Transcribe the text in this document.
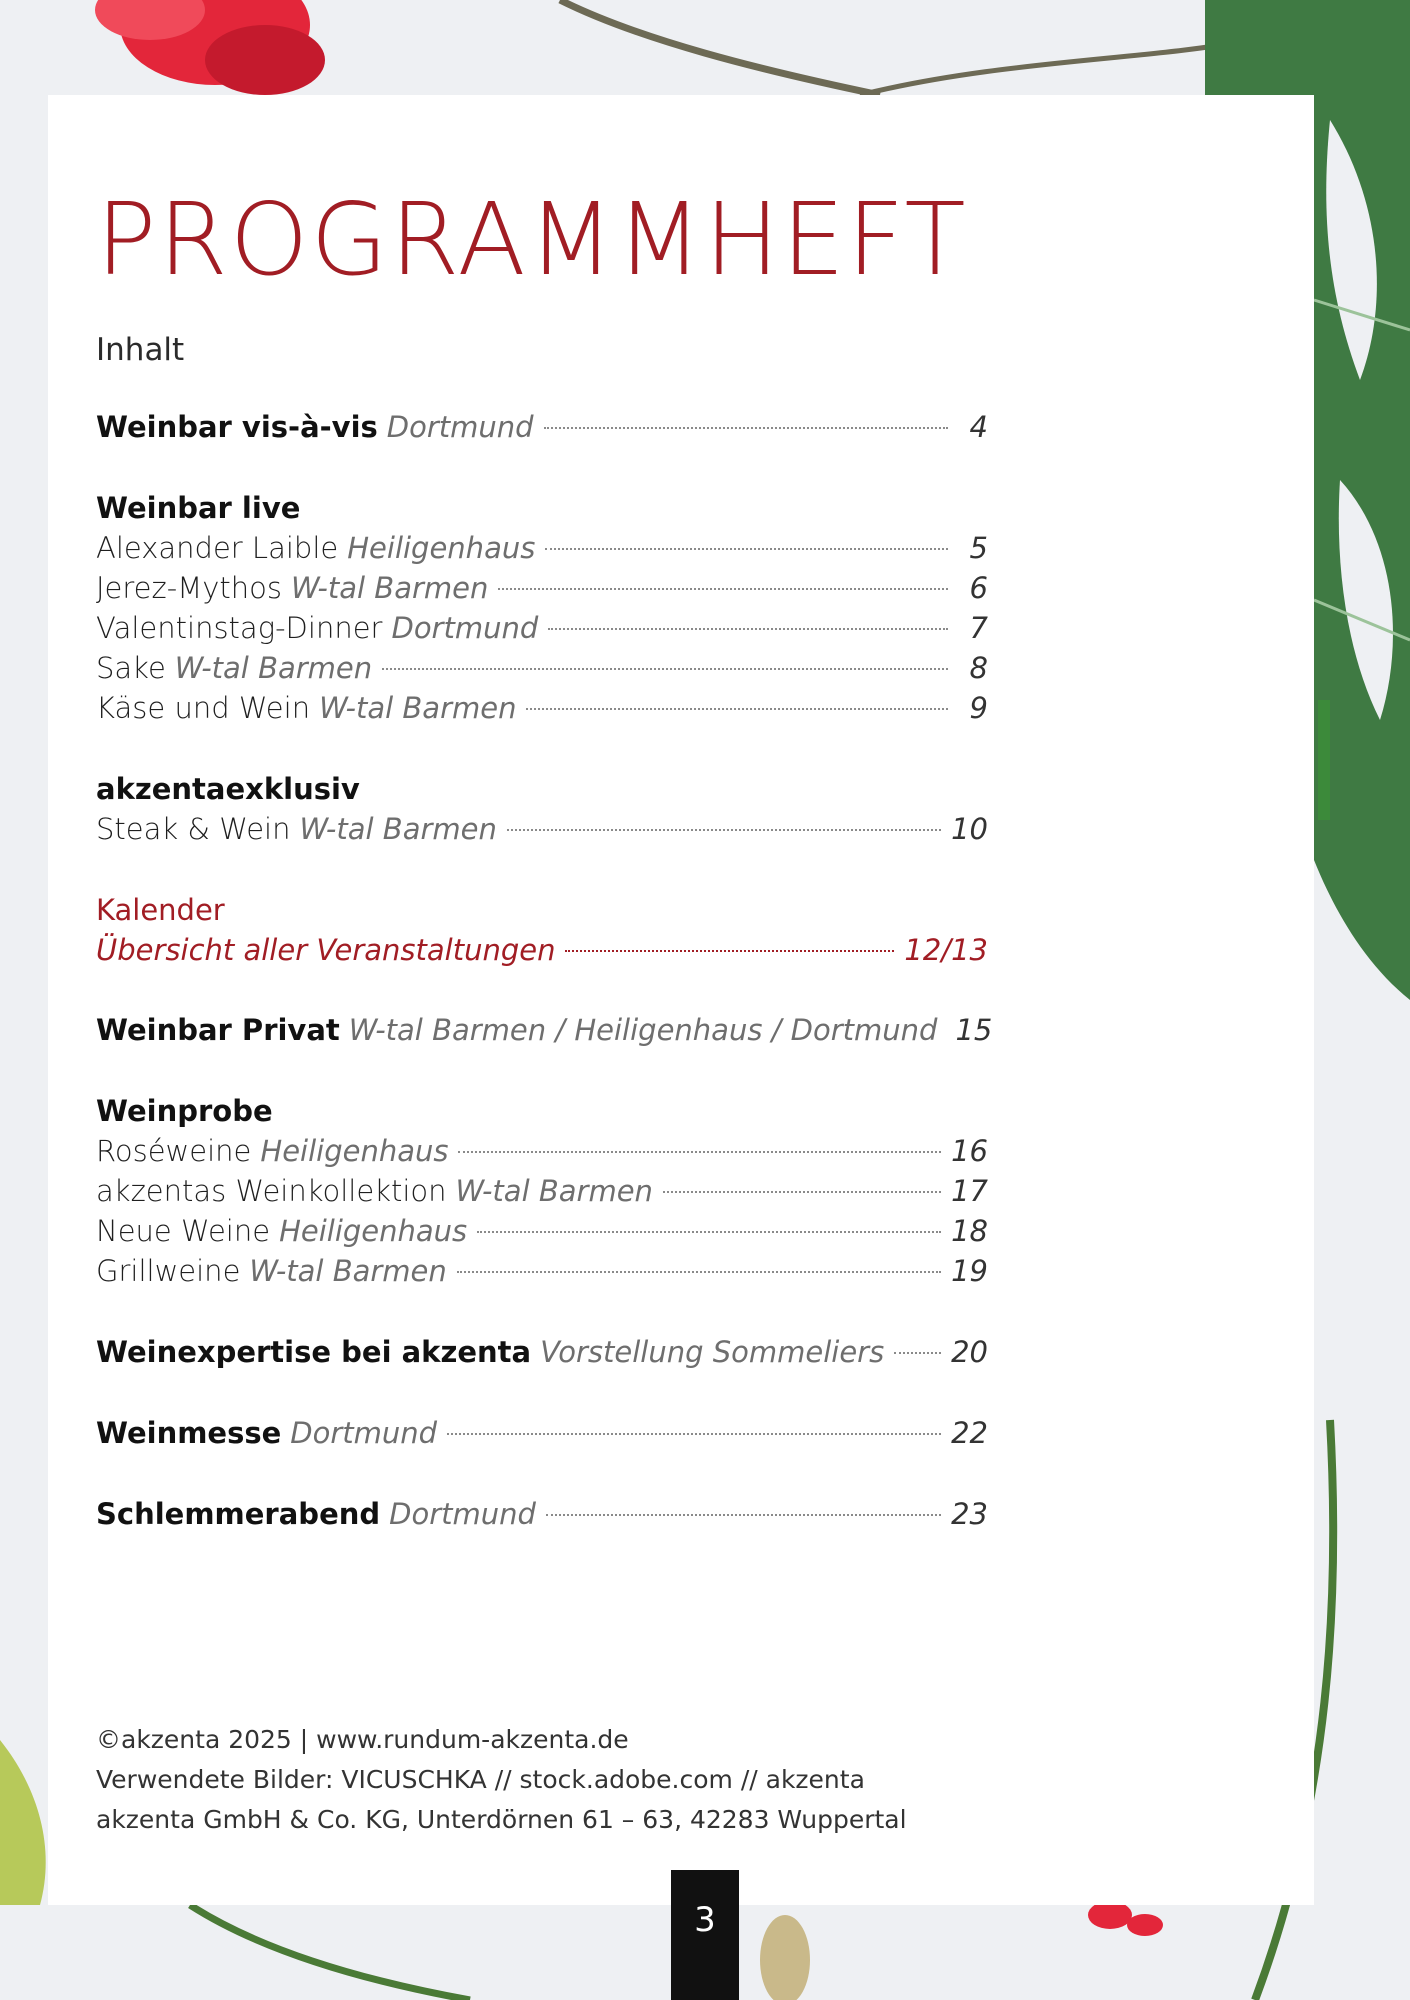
PROGRAMMHEFT
Inhalt
Weinbar vis-à-vis Dortmund	4
Weinbar live
Alexander Laible Heiligenhaus	5
Jerez-Mythos W-tal Barmen	6
Valentinstag-Dinner Dortmund	7
Sake W-tal Barmen	8
Käse und Wein W-tal Barmen	9
akzentaexklusiv
Steak & Wein W-tal Barmen	10
Kalender
Übersicht aller Veranstaltungen	12/13
Weinbar Privat W-tal Barmen / Heiligenhaus / Dortmund 15
Weinprobe
Roséweine Heiligenhaus	16
akzentas Weinkollektion W-tal Barmen	17
Neue Weine Heiligenhaus	18
Grillweine W-tal Barmen	19
Weinexpertise bei akzenta Vorstellung Sommeliers 20
Weinmesse Dortmund	22
Schlemmerabend Dortmund	23
©akzenta 2025 | www.rundum-akzenta.de
Verwendete Bilder: VICUSCHKA // stock.adobe.com // akzenta
akzenta GmbH & Co. KG, Unterdörnen 61 – 63, 42283 Wuppertal
3
